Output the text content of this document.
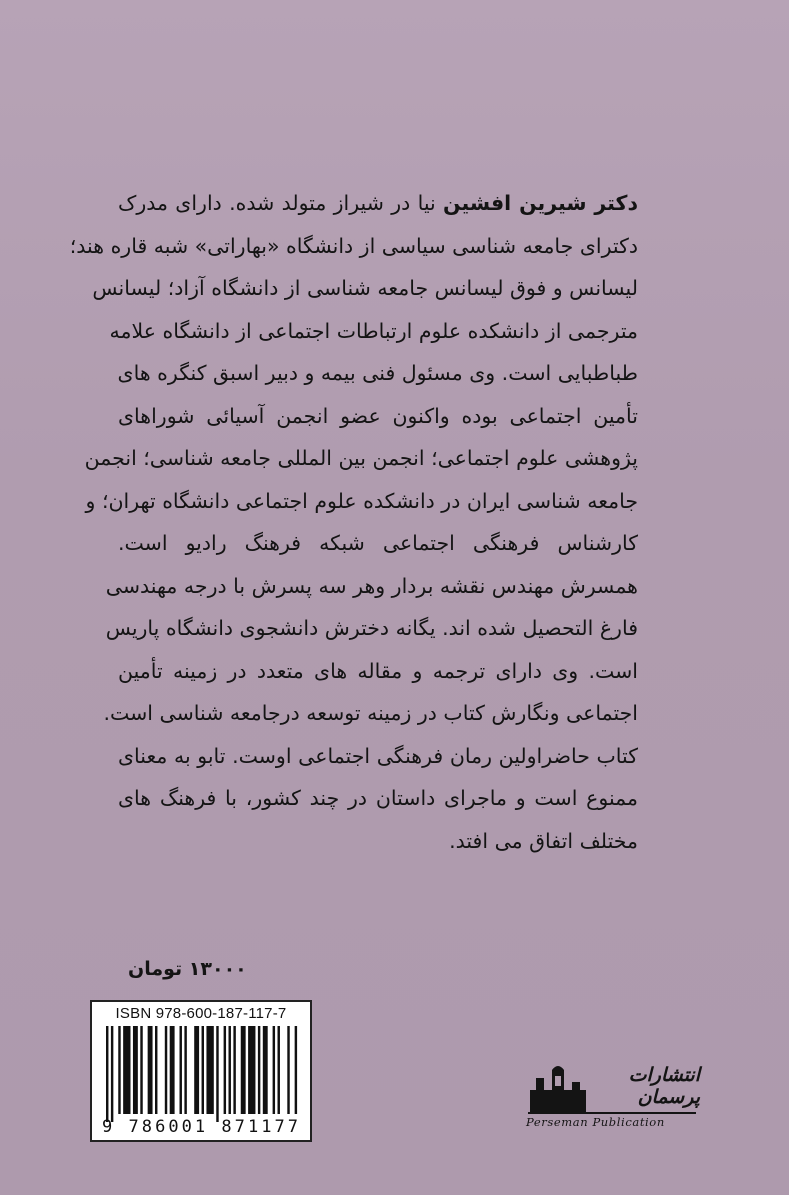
دکتر شیرین افشین نیا در شیراز متولد شده. دارای مدرک
دکترای جامعه شناسی سیاسی از دانشگاه «بهاراتی» شبه قاره هند؛
لیسانس و فوق لیسانس جامعه شناسی از دانشگاه آزاد؛ لیسانس
مترجمی از دانشکده علوم ارتباطات اجتماعی از دانشگاه علامه
طباطبایی است. وی مسئول فنی بیمه و دبیر اسبق کنگره های
تأمین اجتماعی بوده واکنون عضو انجمن آسیائی شوراهای
پژوهشی علوم اجتماعی؛ انجمن بین المللی جامعه شناسی؛ انجمن
جامعه شناسی ایران در دانشکده علوم اجتماعی دانشگاه تهران؛ و
کارشناس فرهنگی اجتماعی شبکه فرهنگ رادیو است.
همسرش مهندس نقشه بردار وهر سه پسرش با درجه مهندسی
فارغ التحصیل شده اند. یگانه دخترش دانشجوی دانشگاه پاریس
است. وی دارای ترجمه و مقاله های متعدد در زمینه تأمین
اجتماعی ونگارش کتاب در زمینه توسعه درجامعه شناسی است.
کتاب حاضراولین رمان فرهنگی اجتماعی اوست. تابو به معنای
ممنوع است و ماجرای داستان در چند کشور، با فرهنگ های
مختلف اتفاق می افتد.
۱۳۰۰۰ تومان
ISBN 978-600-187-117-7
9 786001 871177
انتشارات پرسمان
Perseman Publication
